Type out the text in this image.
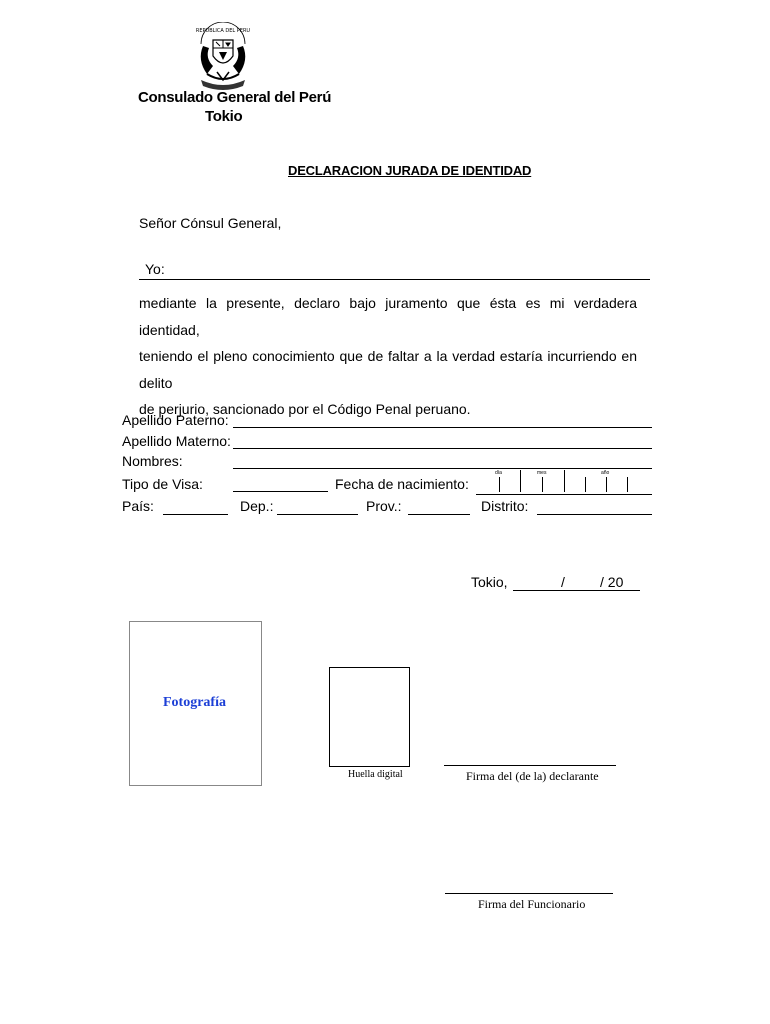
REPUBLICA DEL PERU
Consulado General del Perú
Tokio
DECLARACION JURADA DE IDENTIDAD
Señor Cónsul General,
Yo:
mediante la presente, declaro bajo juramento que ésta es mi verdadera identidad,
teniendo el pleno conocimiento que de faltar a la verdad estaría incurriendo en delito
de perjurio, sancionado por el Código Penal peruano.
Apellido Paterno:
Apellido Materno:
Nombres:
Tipo de Visa:	Fecha de nacimiento:
día	mes	año
País:	Dep.:	Prov.:	Distrito:
Tokio,	/	/ 20
Fotografía
Huella digital	Firma del (de la) declarante
Firma del Funcionario
